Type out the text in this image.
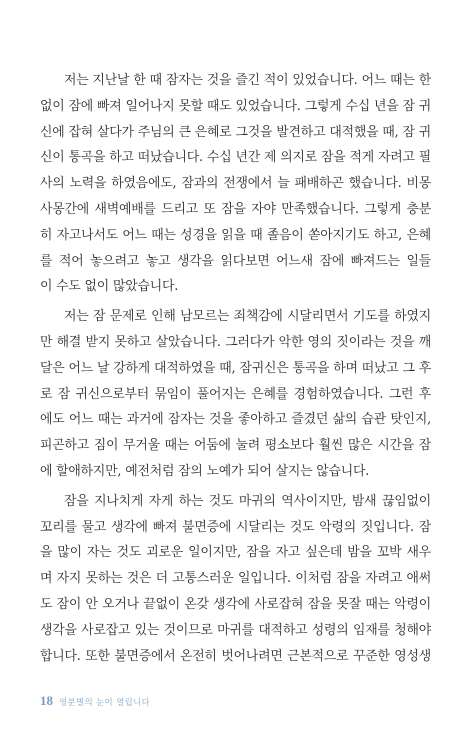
저는 지난날 한 때 잠자는 것을 즐긴 적이 있었습니다. 어느 때는 한
없이 잠에 빠져 일어나지 못할 때도 있었습니다. 그렇게 수십 년을 잠 귀
신에 잡혀 살다가 주님의 큰 은혜로 그것을 발견하고 대적했을 때, 잠 귀
신이 통곡을 하고 떠났습니다. 수십 년간 제 의지로 잠을 적게 자려고 필
사의 노력을 하였음에도, 잠과의 전쟁에서 늘 패배하곤 했습니다. 비몽
사몽간에 새벽예배를 드리고 또 잠을 자야 만족했습니다. 그렇게 충분
히 자고나서도 어느 때는 성경을 읽을 때 졸음이 쏟아지기도 하고, 은혜
를 적어 놓으려고 놓고 생각을 읽다보면 어느새 잠에 빠져드는 일들
이 수도 없이 많았습니다.

저는 잠 문제로 인해 남모르는 죄책감에 시달리면서 기도를 하였지
만 해결 받지 못하고 살았습니다. 그러다가 악한 영의 짓이라는 것을 깨
달은 어느 날 강하게 대적하였을 때, 잠귀신은 통곡을 하며 떠났고 그 후
로 잠 귀신으로부터 묶임이 풀어지는 은혜를 경험하였습니다. 그런 후
에도 어느 때는 과거에 잠자는 것을 좋아하고 즐겼던 삶의 습관 탓인지,
피곤하고 짐이 무거울 때는 어둠에 눌려 평소보다 훨씬 많은 시간을 잠
에 할애하지만, 예전처럼 잠의 노예가 되어 살지는 않습니다.

잠을 지나치게 자게 하는 것도 마귀의 역사이지만, 밤새 끊임없이
꼬리를 물고 생각에 빠져 불면증에 시달리는 것도 악령의 짓입니다. 잠
을 많이 자는 것도 괴로운 일이지만, 잠을 자고 싶은데 밤을 꼬박 새우
며 자지 못하는 것은 더 고통스러운 일입니다. 이처럼 잠을 자려고 애써
도 잠이 안 오거나 끝없이 온갖 생각에 사로잡혀 잠을 못잘 때는 악령이
생각을 사로잡고 있는 것이므로 마귀를 대적하고 성령의 임재를 청해야
합니다. 또한 불면증에서 온전히 벗어나려면 근본적으로 꾸준한 영성생

18 영분별의 눈이 열립니다
